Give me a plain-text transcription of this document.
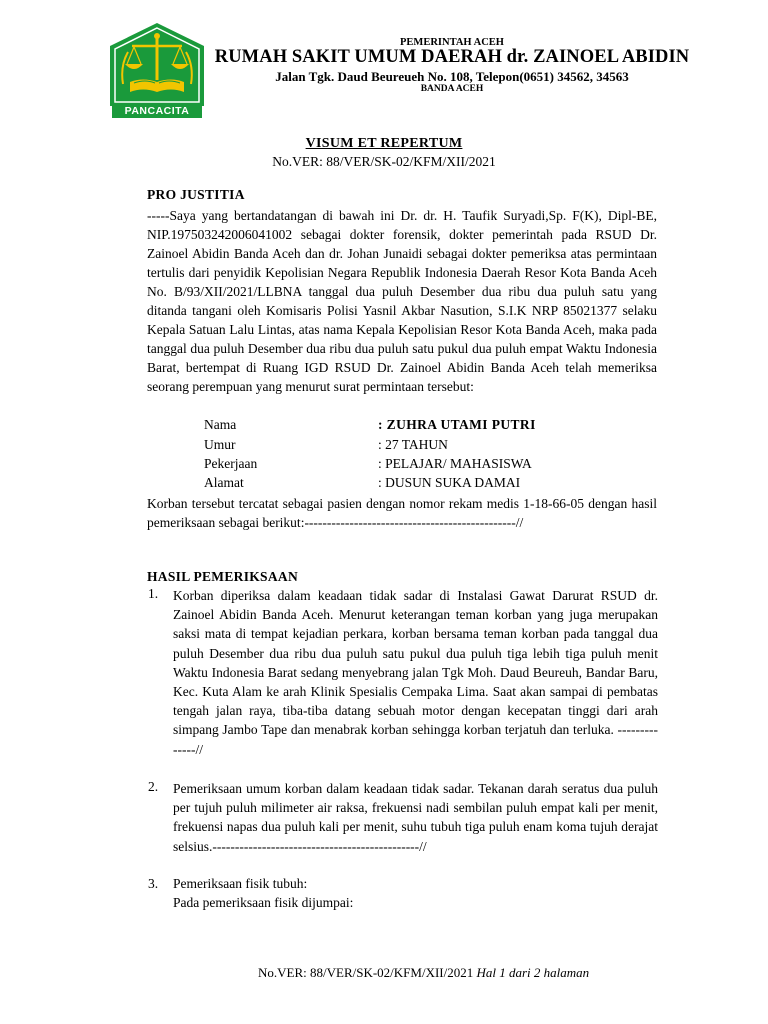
PANCACITA
PEMERINTAH ACEH
RUMAH SAKIT UMUM DAERAH dr. ZAINOEL ABIDIN
Jalan Tgk. Daud Beureueh No. 108, Telepon(0651) 34562, 34563
BANDA ACEH
VISUM ET REPERTUM
No.VER: 88/VER/SK-02/KFM/XII/2021
PRO JUSTITIA
-----Saya yang bertandatangan di bawah ini Dr. dr. H. Taufik Suryadi,Sp. F(K), Dipl-BE, NIP.197503242006041002 sebagai dokter forensik, dokter pemerintah pada RSUD Dr. Zainoel Abidin Banda Aceh dan dr. Johan Junaidi sebagai dokter pemeriksa atas permintaan tertulis dari penyidik Kepolisian Negara Republik Indonesia Daerah Resor Kota Banda Aceh No. B/93/XII/2021/LLBNA tanggal dua puluh Desember dua ribu dua puluh satu yang ditanda tangani oleh Komisaris Polisi Yasnil Akbar Nasution, S.I.K NRP 85021377 selaku Kepala Satuan Lalu Lintas, atas nama Kepala Kepolisian Resor Kota Banda Aceh, maka pada tanggal dua puluh Desember dua ribu dua puluh satu pukul dua puluh empat Waktu Indonesia Barat, bertempat di Ruang IGD RSUD Dr. Zainoel Abidin Banda Aceh telah memeriksa seorang perempuan yang menurut surat permintaan tersebut:
Nama	: ZUHRA UTAMI PUTRI
Umur	: 27 TAHUN
Pekerjaan	: PELAJAR/ MAHASISWA
Alamat	: DUSUN SUKA DAMAI
Korban tersebut tercatat sebagai pasien dengan nomor rekam medis 1-18-66-05 dengan hasil pemeriksaan sebagai berikut:-----------------------------------------------//
HASIL PEMERIKSAAN
1. Korban diperiksa dalam keadaan tidak sadar di Instalasi Gawat Darurat RSUD dr. Zainoel Abidin Banda Aceh. Menurut keterangan teman korban yang juga merupakan saksi mata di tempat kejadian perkara, korban bersama teman korban pada tanggal dua puluh Desember dua ribu dua puluh satu pukul dua puluh tiga lebih tiga puluh menit Waktu Indonesia Barat sedang menyebrang jalan Tgk Moh. Daud Beureuh, Bandar Baru, Kec. Kuta Alam ke arah Klinik Spesialis Cempaka Lima. Saat akan sampai di pembatas tengah jalan raya, tiba-tiba datang sebuah motor dengan kecepatan tinggi dari arah simpang Jambo Tape dan menabrak korban sehingga korban terjatuh dan terluka. --------------//
2. Pemeriksaan umum korban dalam keadaan tidak sadar. Tekanan darah seratus dua puluh per tujuh puluh milimeter air raksa, frekuensi nadi sembilan puluh empat kali per menit, frekuensi napas dua puluh kali per menit, suhu tubuh tiga puluh enam koma tujuh derajat selsius.----------------------------------------------//
3. Pemeriksaan fisik tubuh:
Pada pemeriksaan fisik dijumpai:
No.VER: 88/VER/SK-02/KFM/XII/2021 Hal 1 dari 2 halaman
